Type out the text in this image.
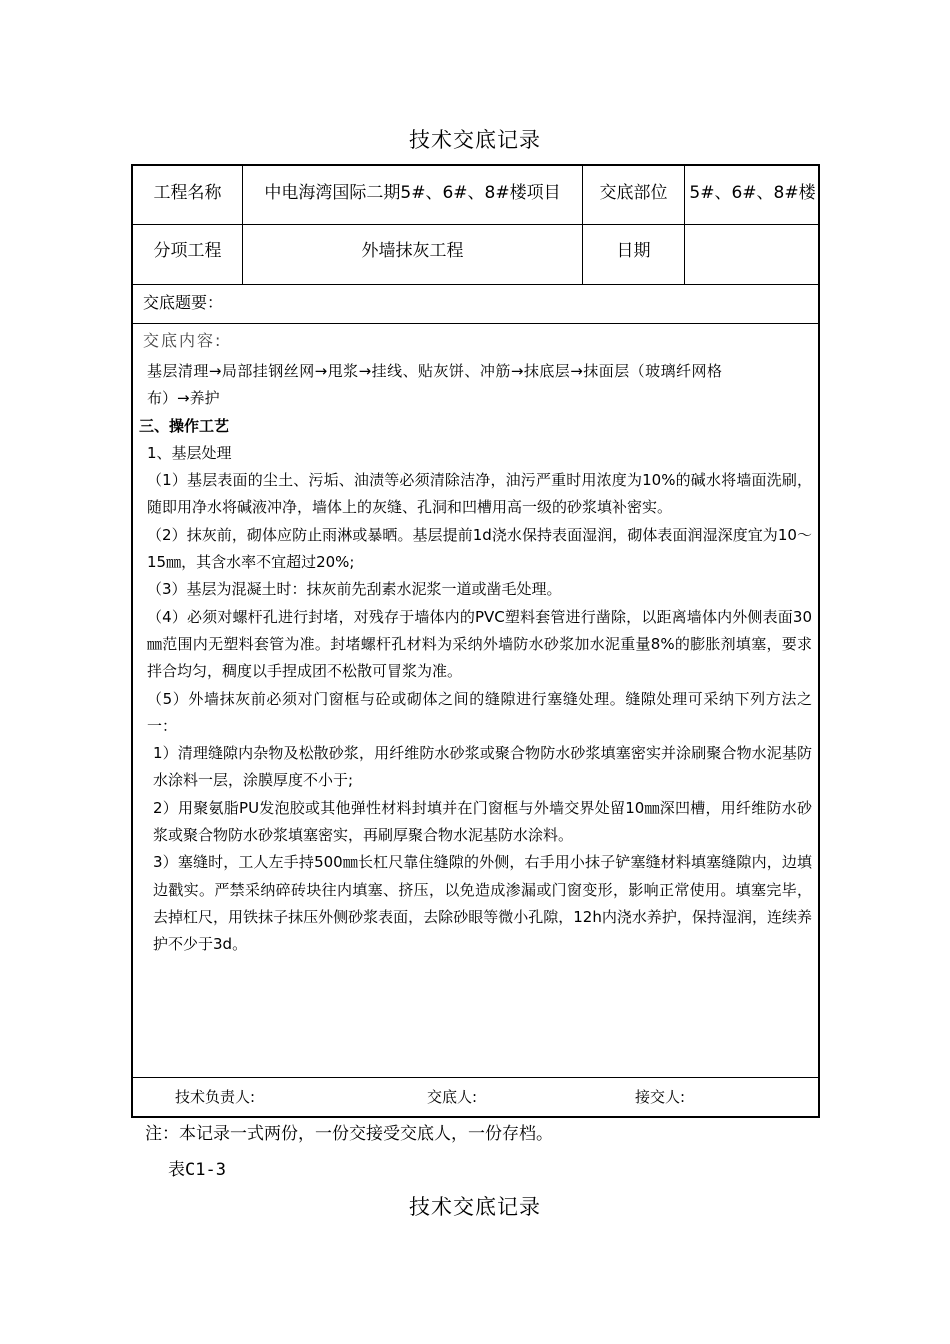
技术交底记录
工程名称	中电海湾国际二期5#、6#、8#楼项目	交底部位	5#、6#、8#楼
分项工程	外墙抹灰工程	日期
交底题要：
交底内容:

基层清理→局部挂钢丝网→甩浆→挂线、贴灰饼、冲筋→抹底层→抹面层（玻璃纤网格布）→养护

三、操作工艺

1、基层处理

（1）基层表面的尘土、污垢、油渍等必须清除洁净，油污严重时用浓度为10%的碱水将墙面洗刷，随即用净水将碱液冲净，墙体上的灰缝、孔洞和凹槽用高一级的砂浆填补密实。

（2）抹灰前，砌体应防止雨淋或暴晒。基层提前1d浇水保持表面湿润，砌体表面润湿深度宜为10～15㎜，其含水率不宜超过20%;

（3）基层为混凝土时：抹灰前先刮素水泥浆一道或凿毛处理。

（4）必须对螺杆孔进行封堵，对残存于墙体内的PVC塑料套管进行凿除，以距离墙体内外侧表面30㎜范围内无塑料套管为准。封堵螺杆孔材料为采纳外墙防水砂浆加水泥重量8%的膨胀剂填塞，要求拌合均匀，稠度以手捏成团不松散可冒浆为准。

（5）外墙抹灰前必须对门窗框与砼或砌体之间的缝隙进行塞缝处理。缝隙处理可采纳下列方法之一：

1）清理缝隙内杂物及松散砂浆，用纤维防水砂浆或聚合物防水砂浆填塞密实并涂刷聚合物水泥基防水涂料一层，涂膜厚度不小于;

2）用聚氨脂PU发泡胶或其他弹性材料封填并在门窗框与外墙交界处留10㎜深凹槽，用纤维防水砂浆或聚合物防水砂浆填塞密实，再刷厚聚合物水泥基防水涂料。

3）塞缝时，工人左手持500㎜长杠尺靠住缝隙的外侧，右手用小抹子铲塞缝材料填塞缝隙内，边填边戳实。严禁采纳碎砖块往内填塞、挤压，以免造成渗漏或门窗变形，影响正常使用。填塞完毕，去掉杠尺，用铁抹子抹压外侧砂浆表面，去除砂眼等微小孔隙，12h内浇水养护，保持湿润，连续养护不少于3d。

技术负责人:	交底人:	接交人:
注：本记录一式两份，一份交接受交底人，一份存档。
表C1-3
技术交底记录
